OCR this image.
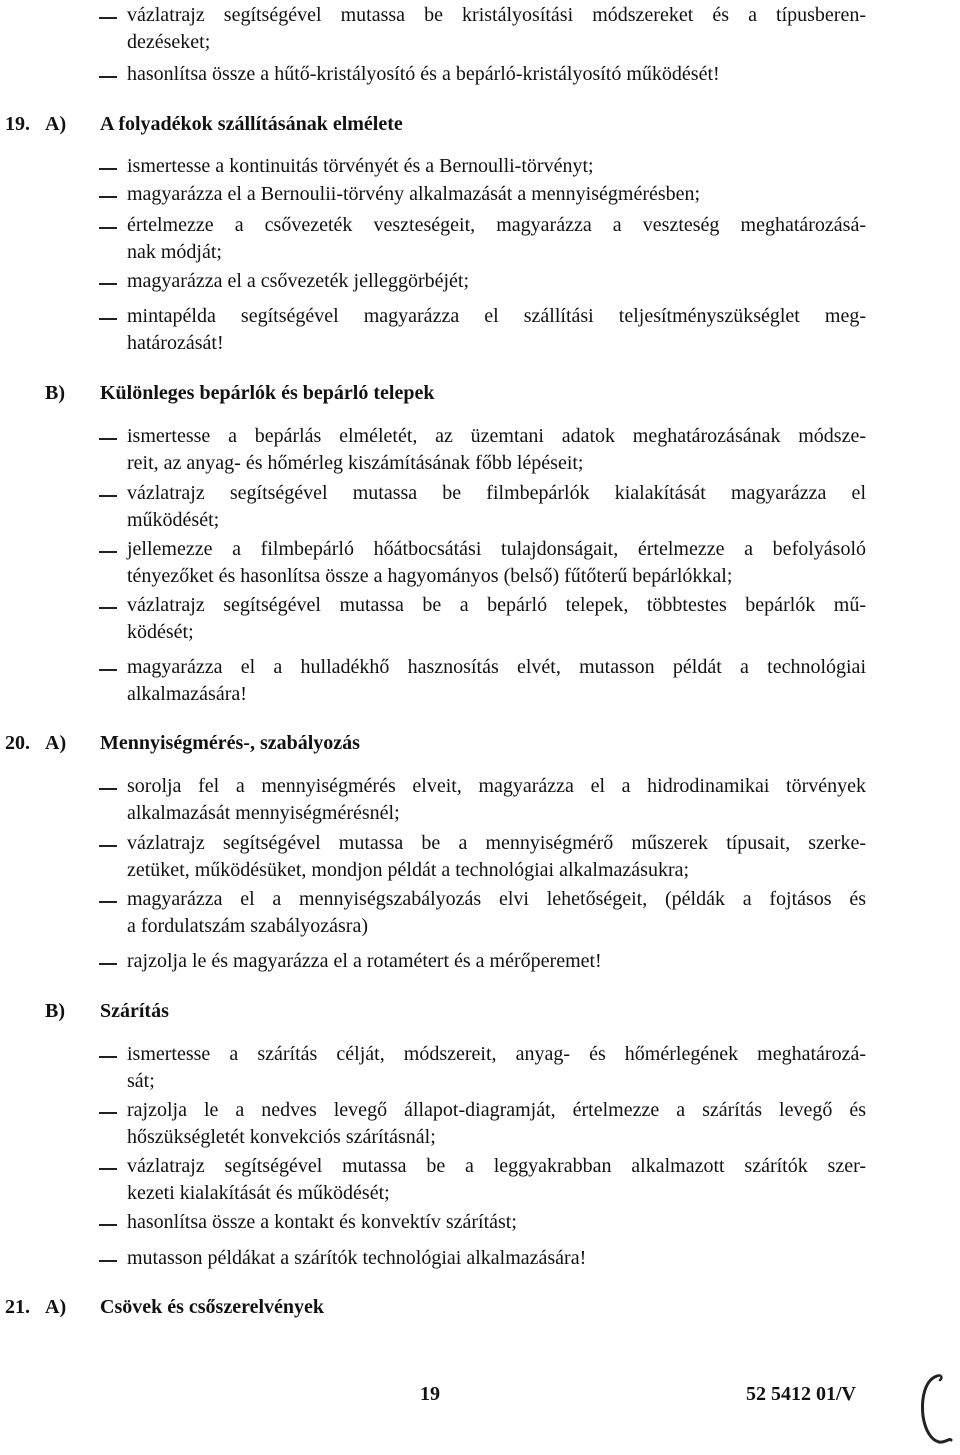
vázlatrajz segítségével mutassa be kristályosítási módszereket és a típusberen-
dezéseket;
hasonlítsa össze a hűtő-kristályosító és a bepárló-kristályosító működését!
19. A) A folyadékok szállításának elmélete
ismertesse a kontinuitás törvényét és a Bernoulli-törvényt;
magyarázza el a Bernoulii-törvény alkalmazását a mennyiségmérésben;
értelmezze a csővezeték veszteségeit, magyarázza a veszteség meghatározásá-
nak módját;
magyarázza el a csővezeték jelleggörbéjét;
mintapélda segítségével magyarázza el szállítási teljesítményszükséglet meg-
határozását!
B) Különleges bepárlók és bepárló telepek
ismertesse a bepárlás elméletét, az üzemtani adatok meghatározásának módsze-
reit, az anyag- és hőmérleg kiszámításának főbb lépéseit;
vázlatrajz segítségével mutassa be filmbepárlók kialakítását magyarázza el
működését;
jellemezze a filmbepárló hőátbocsátási tulajdonságait, értelmezze a befolyásoló
tényezőket és hasonlítsa össze a hagyományos (belső) fűtőterű bepárlókkal;
vázlatrajz segítségével mutassa be a bepárló telepek, többtestes bepárlók mű-
ködését;
magyarázza el a hulladékhő hasznosítás elvét, mutasson példát a technológiai
alkalmazására!
20. A) Mennyiségmérés-, szabályozás
sorolja fel a mennyiségmérés elveit, magyarázza el a hidrodinamikai törvények
alkalmazását mennyiségmérésnél;
vázlatrajz segítségével mutassa be a mennyiségmérő műszerek típusait, szerke-
zetüket, működésüket, mondjon példát a technológiai alkalmazásukra;
magyarázza el a mennyiségszabályozás elvi lehetőségeit, (példák a fojtásos és
a fordulatszám szabályozásra)
rajzolja le és magyarázza el a rotamétert és a mérőperemet!
B) Szárítás
ismertesse a szárítás célját, módszereit, anyag- és hőmérlegének meghatározá-
sát;
rajzolja le a nedves levegő állapot-diagramját, értelmezze a szárítás levegő és
hőszükségletét konvekciós szárításnál;
vázlatrajz segítségével mutassa be a leggyakrabban alkalmazott szárítók szer-
kezeti kialakítását és működését;
hasonlítsa össze a kontakt és konvektív szárítást;
mutasson példákat a szárítók technológiai alkalmazására!
21. A) Csövek és csőszerelvények
19	52 5412 01/V
